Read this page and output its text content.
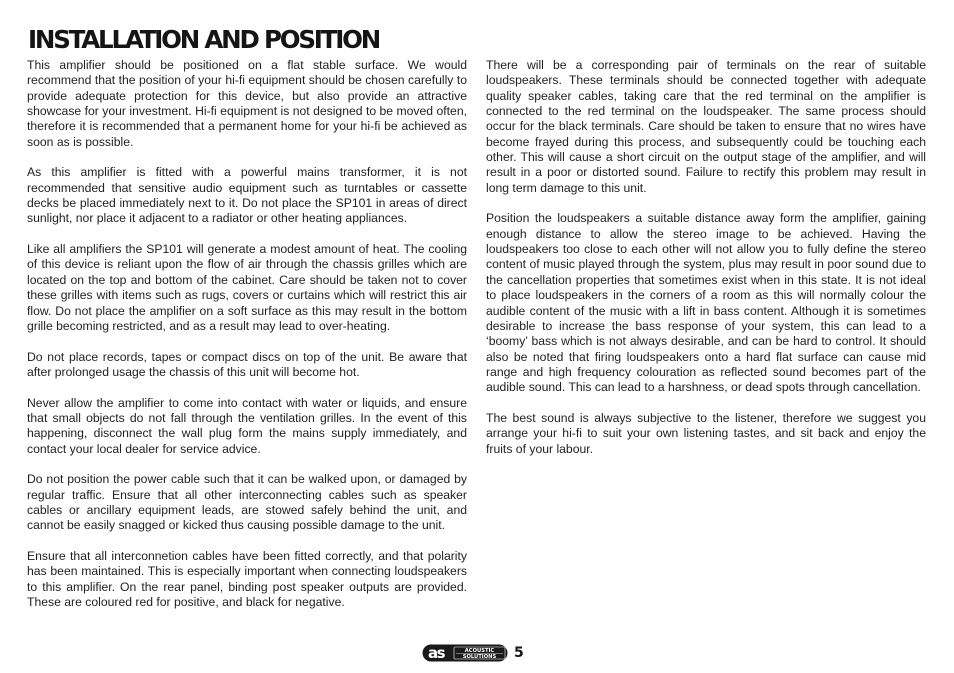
INSTALLATION AND POSITION

This amplifier should be positioned on a flat stable surface. We would recommend that the position of your hi-fi equipment should be chosen carefully to provide adequate protection for this device, but also provide an attractive showcase for your investment. Hi-fi equipment is not designed to be moved often, therefore it is recommended that a permanent home for your hi-fi be achieved as soon as is possible.

As this amplifier is fitted with a powerful mains transformer, it is not recommended that sensitive audio equipment such as turntables or cassette decks be placed immediately next to it. Do not place the SP101 in areas of direct sunlight, nor place it adjacent to a radiator or other heating appliances.

Like all amplifiers the SP101 will generate a modest amount of heat. The cooling of this device is reliant upon the flow of air through the chassis grilles which are located on the top and bottom of the cabinet. Care should be taken not to cover these grilles with items such as rugs, covers or curtains which will restrict this air flow. Do not place the amplifier on a soft surface as this may result in the bottom grille becoming restricted, and as a result may lead to over-heating.

Do not place records, tapes or compact discs on top of the unit. Be aware that after prolonged usage the chassis of this unit will become hot.

Never allow the amplifier to come into contact with water or liquids, and ensure that small objects do not fall through the ventilation grilles. In the event of this happening, disconnect the wall plug form the mains supply immediately, and contact your local dealer for service advice.

Do not position the power cable such that it can be walked upon, or damaged by regular traffic. Ensure that all other interconnecting cables such as speaker cables or ancillary equipment leads, are stowed safely behind the unit, and cannot be easily snagged or kicked thus causing possible damage to the unit.

Ensure that all interconnetion cables have been fitted correctly, and that polarity has been maintained. This is especially important when connecting loudspeakers to this amplifier. On the rear panel, binding post speaker outputs are provided. These are coloured red for positive, and black for negative.

There will be a corresponding pair of terminals on the rear of suitable loudspeakers. These terminals should be connected together with adequate quality speaker cables, taking care that the red terminal on the amplifier is connected to the red terminal on the loudspeaker. The same process should occur for the black terminals. Care should be taken to ensure that no wires have become frayed during this process, and subsequently could be touching each other. This will cause a short circuit on the output stage of the amplifier, and will result in a poor or distorted sound. Failure to rectify this problem may result in long term damage to this unit.

Position the loudspeakers a suitable distance away form the amplifier, gaining enough distance to allow the stereo image to be achieved. Having the loudspeakers too close to each other will not allow you to fully define the stereo content of music played through the system, plus may result in poor sound due to the cancellation properties that sometimes exist when in this state. It is not ideal to place loudspeakers in the corners of a room as this will normally colour the audible content of the music with a lift in bass content. Although it is sometimes desirable to increase the bass response of your system, this can lead to a ‘boomy’ bass which is not always desirable, and can be hard to control. It should also be noted that firing loudspeakers onto a hard flat surface can cause mid range and high frequency colouration as reflected sound becomes part of the audible sound. This can lead to a harshness, or dead spots through cancellation.

The best sound is always subjective to the listener, therefore we suggest you arrange your hi-fi to suit your own listening tastes, and sit back and enjoy the fruits of your labour.

as	ACOUSTIC
SOLUTIONS 5
